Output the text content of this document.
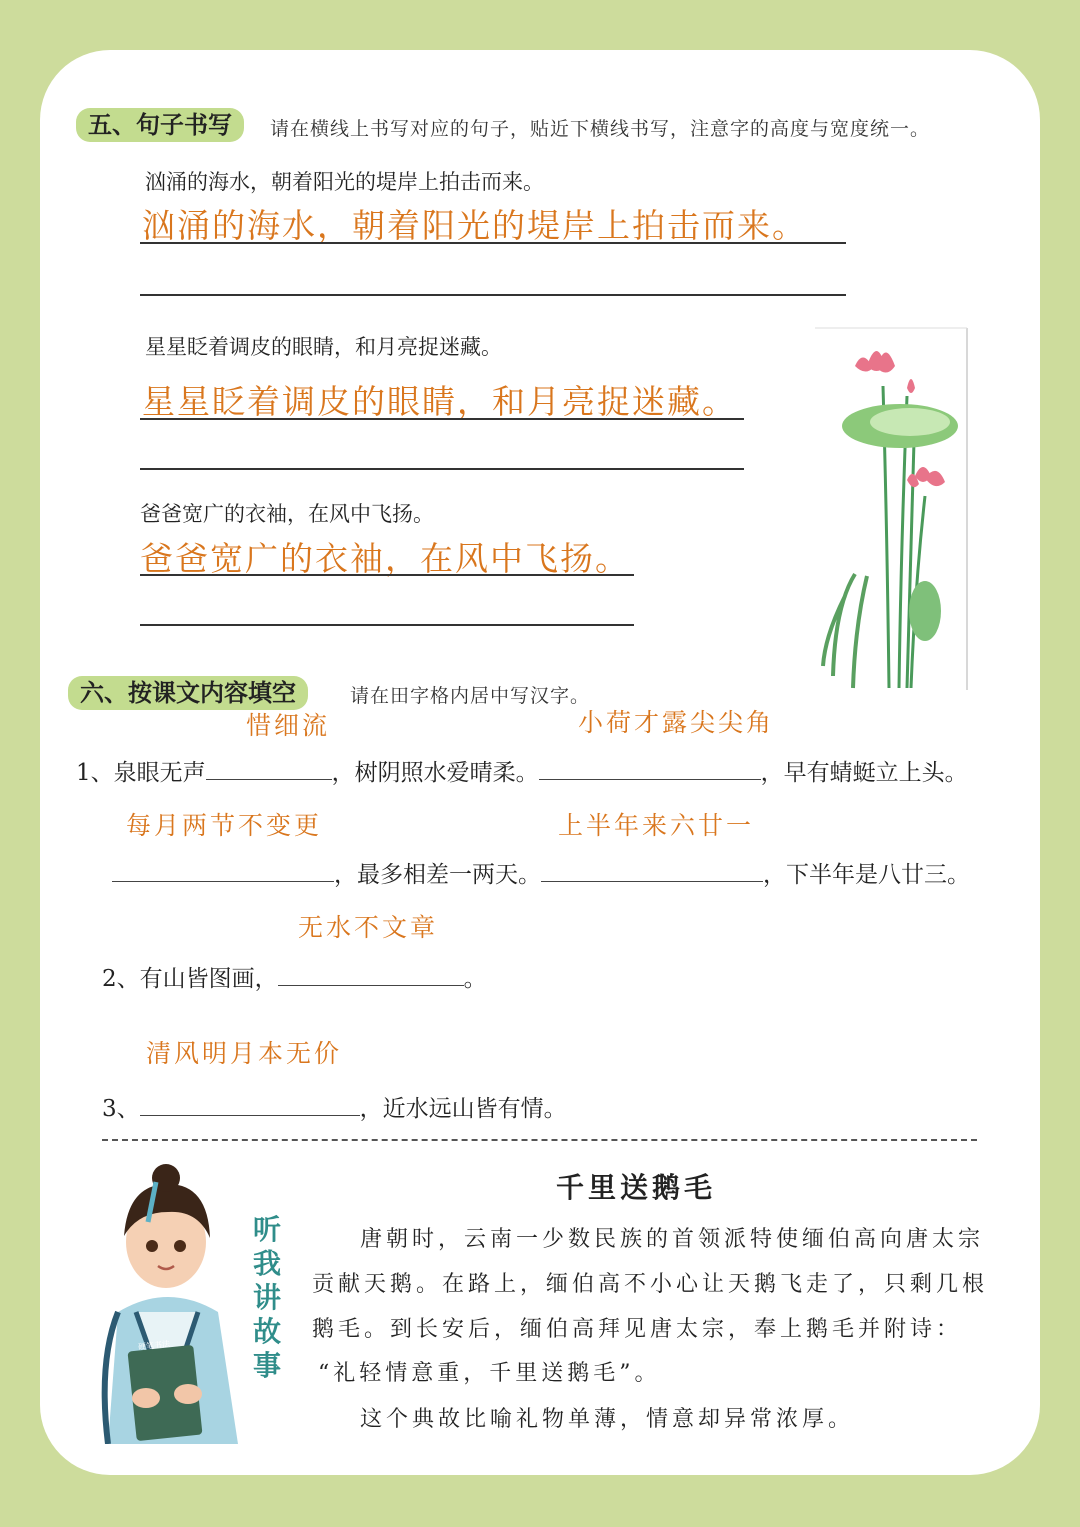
五、句子书写	请在横线上书写对应的句子，贴近下横线书写，注意字的高度与宽度统一。
汹涌的海水，朝着阳光的堤岸上拍击而来。
汹涌的海水，朝着阳光的堤岸上拍击而来。
星星眨着调皮的眼睛，和月亮捉迷藏。
星星眨着调皮的眼睛，和月亮捉迷藏。
爸爸宽广的衣袖，在风中飞扬。
爸爸宽广的衣袖，在风中飞扬。
六、按课文内容填空	请在田字格内居中写汉字。
惜细流	小荷才露尖尖角
1、泉眼无声	，树阴照水爱晴柔。	，早有蜻蜓立上头。
每月两节不变更	上半年来六廿一
，最多相差一两天。	，下半年是八廿三。
无水不文章
2、有山皆图画，	。
清风明月本无价
3、	，近水远山皆有情。
硬笔书法
听
我
讲
故
事
千里送鹅毛
唐朝时，云南一少数民族的首领派特使缅伯高向唐太宗
贡献天鹅。在路上，缅伯高不小心让天鹅飞走了，只剩几根
鹅毛。到长安后，缅伯高拜见唐太宗，奉上鹅毛并附诗：
“礼轻情意重，千里送鹅毛”。
这个典故比喻礼物单薄，情意却异常浓厚。
